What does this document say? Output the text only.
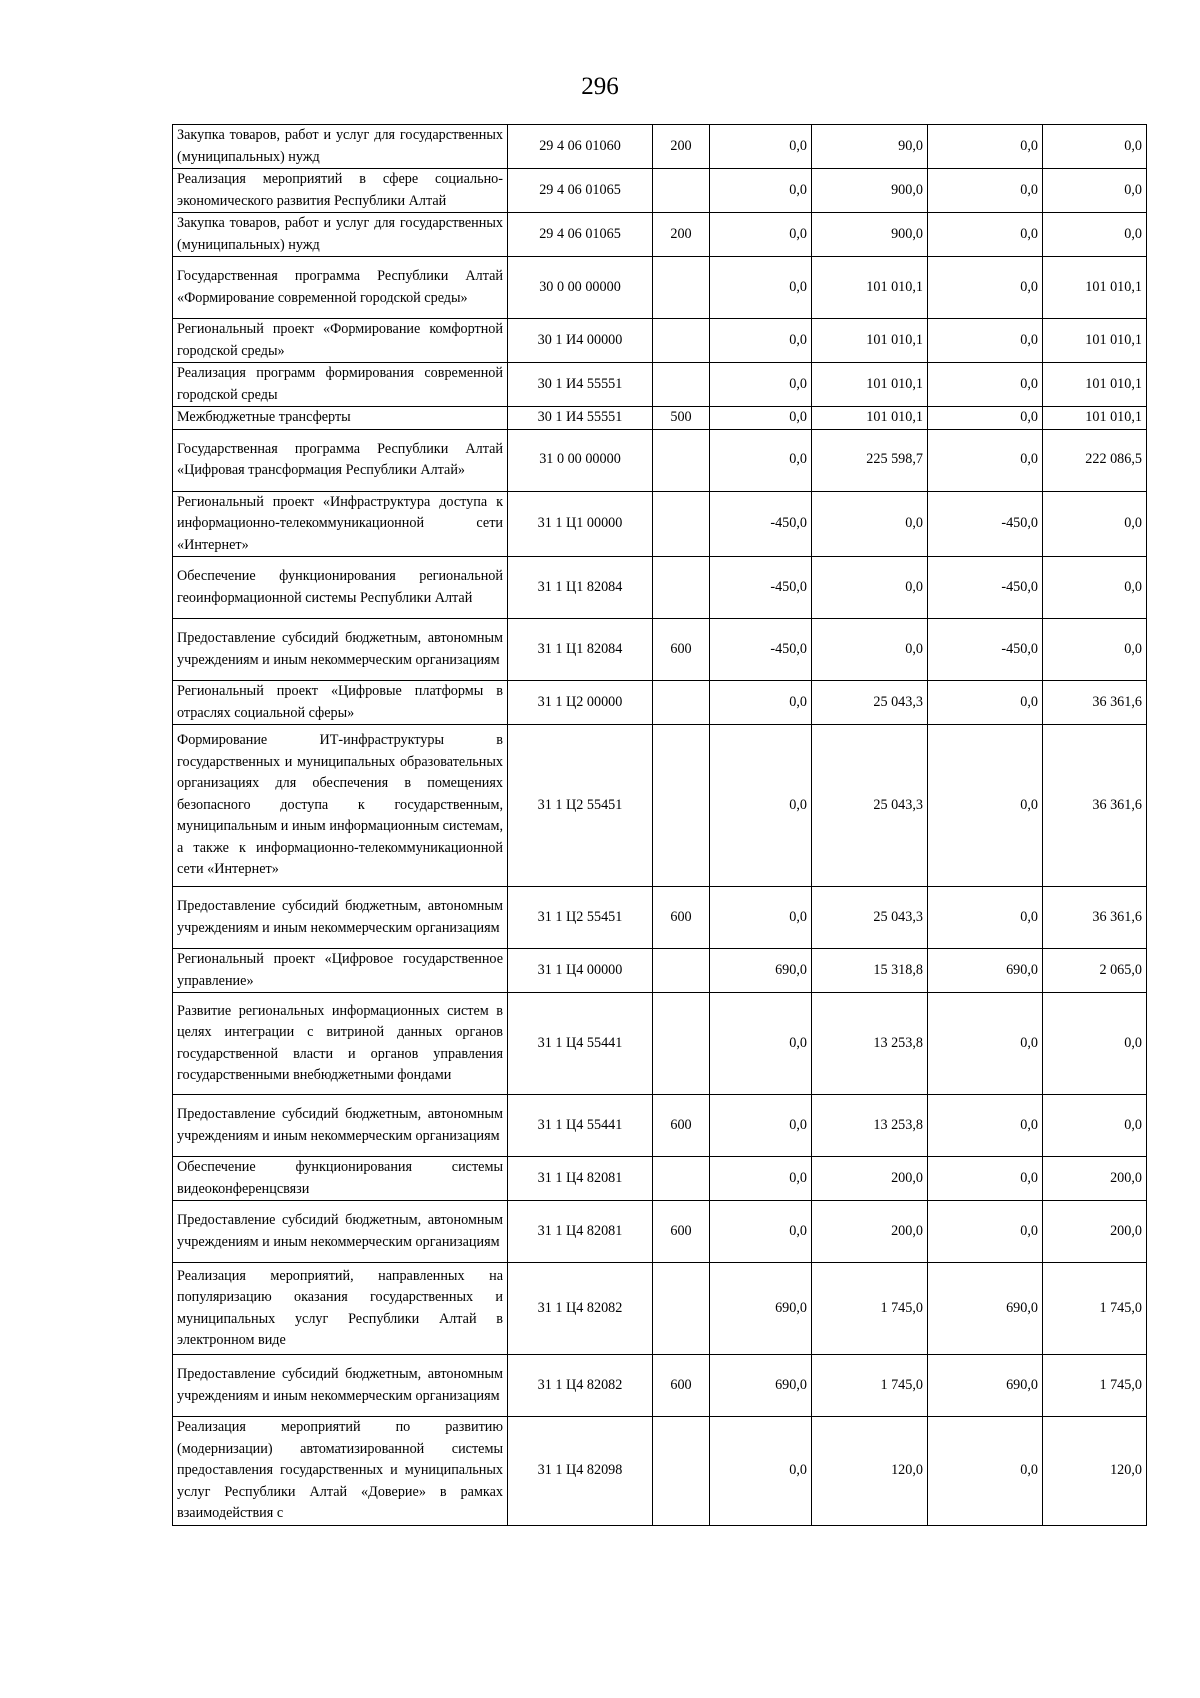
296
Закупка товаров, работ и услуг для государственных (муниципальных) нужд	29 4 06 01060	200	0,0	90,0	0,0	0,0
Реализация мероприятий в сфере социально-экономического развития Республики Алтай	29 4 06 01065		0,0	900,0	0,0	0,0
Закупка товаров, работ и услуг для государственных (муниципальных) нужд	29 4 06 01065	200	0,0	900,0	0,0	0,0
Государственная программа Республики Алтай «Формирование современной городской среды»	30 0 00 00000		0,0	101 010,1	0,0	101 010,1
Региональный проект «Формирование комфортной городской среды»	30 1 И4 00000		0,0	101 010,1	0,0	101 010,1
Реализация программ формирования современной городской среды	30 1 И4 55551		0,0	101 010,1	0,0	101 010,1
Межбюджетные трансферты	30 1 И4 55551	500	0,0	101 010,1	0,0	101 010,1
Государственная программа Республики Алтай «Цифровая трансформация Республики Алтай»	31 0 00 00000		0,0	225 598,7	0,0	222 086,5
Региональный проект «Инфраструктура доступа к информационно-телекоммуникационной сети «Интернет»	31 1 Ц1 00000		-450,0	0,0	-450,0	0,0
Обеспечение функционирования региональной геоинформационной системы Республики Алтай	31 1 Ц1 82084		-450,0	0,0	-450,0	0,0
Предоставление субсидий бюджетным, автономным учреждениям и иным некоммерческим организациям	31 1 Ц1 82084	600	-450,0	0,0	-450,0	0,0
Региональный проект «Цифровые платформы в отраслях социальной сферы»	31 1 Ц2 00000		0,0	25 043,3	0,0	36 361,6
Формирование ИТ-инфраструктуры в государственных и муниципальных образовательных организациях для обеспечения в помещениях безопасного доступа к государственным, муниципальным и иным информационным системам, а также к информационно-телекоммуникационной сети «Интернет»	31 1 Ц2 55451		0,0	25 043,3	0,0	36 361,6
Предоставление субсидий бюджетным, автономным учреждениям и иным некоммерческим организациям	31 1 Ц2 55451	600	0,0	25 043,3	0,0	36 361,6
Региональный проект «Цифровое государственное управление»	31 1 Ц4 00000		690,0	15 318,8	690,0	2 065,0
Развитие региональных информационных систем в целях интеграции с витриной данных органов государственной власти и органов управления государственными внебюджетными фондами	31 1 Ц4 55441		0,0	13 253,8	0,0	0,0
Предоставление субсидий бюджетным, автономным учреждениям и иным некоммерческим организациям	31 1 Ц4 55441	600	0,0	13 253,8	0,0	0,0
Обеспечение функционирования системы видеоконференцсвязи	31 1 Ц4 82081		0,0	200,0	0,0	200,0
Предоставление субсидий бюджетным, автономным учреждениям и иным некоммерческим организациям	31 1 Ц4 82081	600	0,0	200,0	0,0	200,0
Реализация мероприятий, направленных на популяризацию оказания государственных и муниципальных услуг Республики Алтай в электронном виде	31 1 Ц4 82082		690,0	1 745,0	690,0	1 745,0
Предоставление субсидий бюджетным, автономным учреждениям и иным некоммерческим организациям	31 1 Ц4 82082	600	690,0	1 745,0	690,0	1 745,0
Реализация мероприятий по развитию (модернизации) автоматизированной системы предоставления государственных и муниципальных услуг Республики Алтай «Доверие» в рамках взаимодействия с	31 1 Ц4 82098		0,0	120,0	0,0	120,0
